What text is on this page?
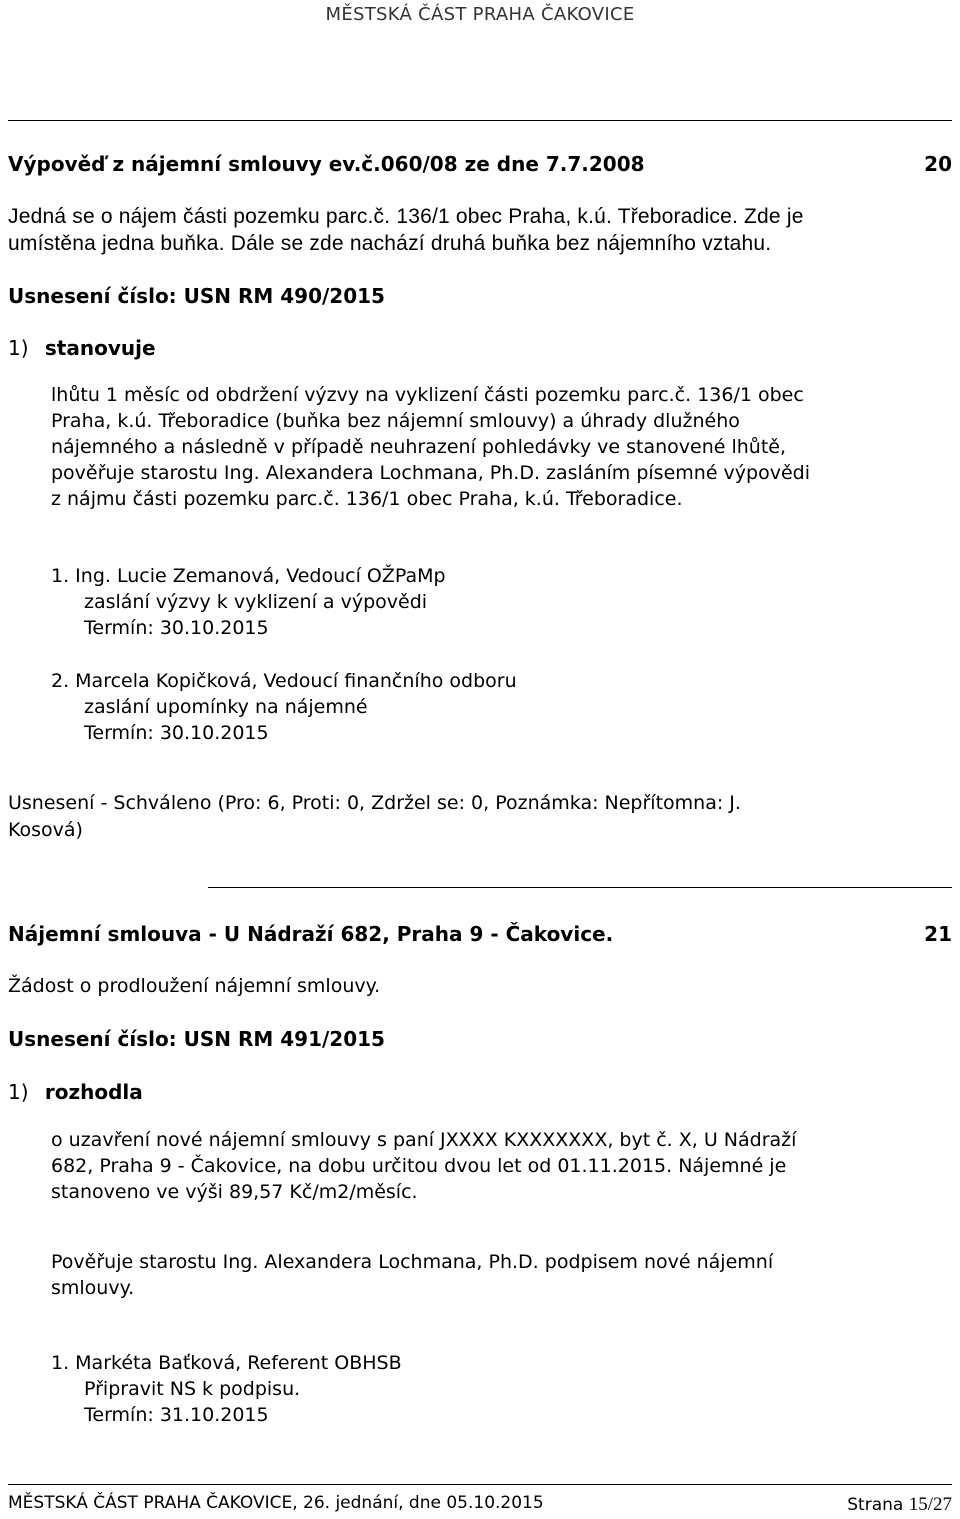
MĚSTSKÁ ČÁST PRAHA ČAKOVICE
Výpověď z nájemní smlouvy ev.č.060/08 ze dne 7.7.2008	20
Jedná se o nájem části pozemku parc.č. 136/1 obec Praha, k.ú. Třeboradice. Zde je
umístěna jedna buňka. Dále se zde nachází druhá buňka bez nájemního vztahu.
Usnesení číslo: USN RM 490/2015
1) stanovuje
lhůtu 1 měsíc od obdržení výzvy na vyklizení části pozemku parc.č. 136/1 obec
Praha, k.ú. Třeboradice (buňka bez nájemní smlouvy) a úhrady dlužného
nájemného a následně v případě neuhrazení pohledávky ve stanovené lhůtě,
pověřuje starostu Ing. Alexandera Lochmana, Ph.D. zasláním písemné výpovědi
z nájmu části pozemku parc.č. 136/1 obec Praha, k.ú. Třeboradice.
1. Ing. Lucie Zemanová, Vedoucí OŽPaMp
zaslání výzvy k vyklizení a výpovědi
Termín: 30.10.2015
2. Marcela Kopičková, Vedoucí finančního odboru
zaslání upomínky na nájemné
Termín: 30.10.2015
Usnesení - Schváleno (Pro: 6, Proti: 0, Zdržel se: 0, Poznámka: Nepřítomna: J.
Kosová)
Nájemní smlouva - U Nádraží 682, Praha 9 - Čakovice.	21
Žádost o prodloužení nájemní smlouvy.
Usnesení číslo: USN RM 491/2015
1) rozhodla
o uzavření nové nájemní smlouvy s paní JXXXX KXXXXXXX, byt č. X, U Nádraží
682, Praha 9 - Čakovice, na dobu určitou dvou let od 01.11.2015. Nájemné je
stanoveno ve výši 89,57 Kč/m2/měsíc.
Pověřuje starostu Ing. Alexandera Lochmana, Ph.D. podpisem nové nájemní
smlouvy.
1. Markéta Baťková, Referent OBHSB
Připravit NS k podpisu.
Termín: 31.10.2015
MĚSTSKÁ ČÁST PRAHA ČAKOVICE, 26. jednání, dne 05.10.2015	Strana 15/27
